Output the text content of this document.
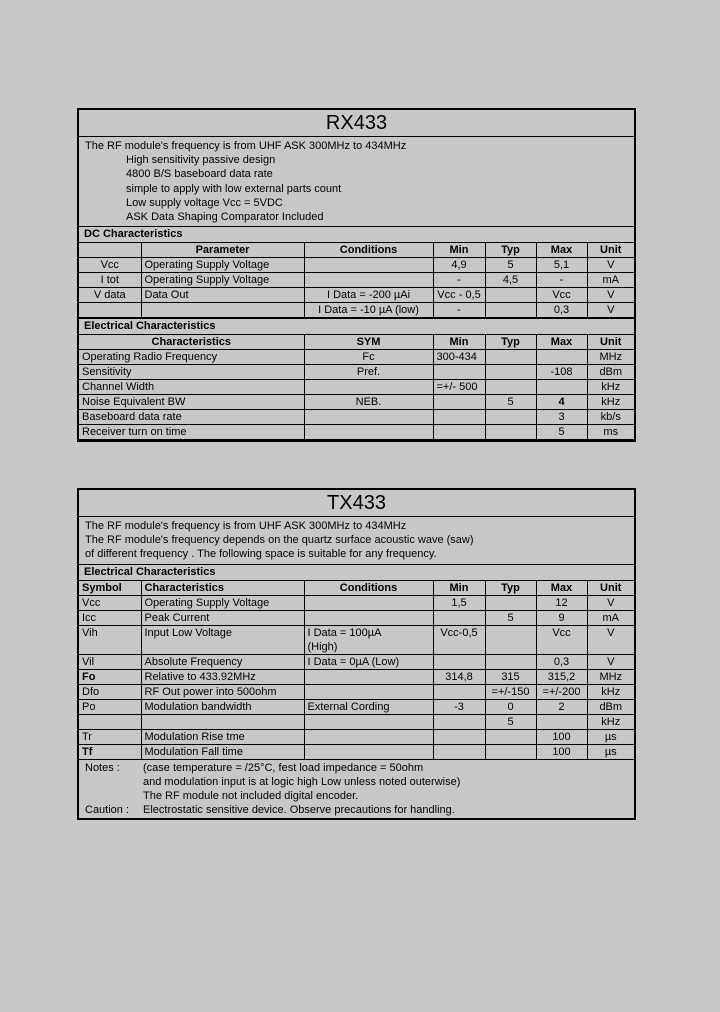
RX433
The RF module's frequency is from UHF ASK 300MHz to 434MHz
High sensitivity passive design
4800 B/S baseboard data rate
simple to apply with low external parts count
Low supply voltage Vcc = 5VDC
ASK Data Shaping Comparator Included
DC Characteristics
	Parameter	Conditions	Min	Typ	Max	Unit
Vcc	Operating Supply Voltage		4,9	5	5,1	V
I tot	Operating Supply Voltage		-	4,5	-	mA
V data	Data Out	I Data = -200 µAi	Vcc - 0,5		Vcc	V
		I Data = -10 µA (low)	-		0,3	V
Electrical Characteristics
Characteristics	SYM	Min	Typ	Max	Unit
Operating Radio Frequency	Fc	300-434			MHz
Sensitivity	Pref.			-108	dBm
Channel Width		=+/- 500			kHz
Noise Equivalent BW	NEB.		5	4	kHz
Baseboard data rate				3	kb/s
Receiver turn on time				5	ms
TX433
The RF module's frequency is from UHF ASK 300MHz to 434MHz
The RF module's frequency depends on the quartz surface acoustic wave (saw)
of different frequency . The following space is suitable for any frequency.
Electrical Characteristics
Symbol	Characteristics	Conditions	Min	Typ	Max	Unit
Vcc	Operating Supply Voltage		1,5		12	V
Icc	Peak Current			5	9	mA
Vih	Input Low Voltage	I Data = 100µA	Vcc-0,5		Vcc	V
		(High)				
Vil	Absolute Frequency	I Data = 0µA (Low)			0,3	V
Fo	Relative to 433.92MHz		314,8	315	315,2	MHz
Dfo	RF Out power into 500ohm			=+/-150	=+/-200	kHz
Po	Modulation bandwidth	External Cording	-3	0	2	dBm
				5		kHz
Tr	Modulation Rise tme				100	µs
Tf	Modulation Fall time				100	µs
Notes :	(case temperature = /25°C, fest load impedance = 50ohm
and modulation input is at logic high Low unless noted outerwise)
The RF module not included digital encoder.
Caution :	Electrostatic sensitive device. Observe precautions for handling.
